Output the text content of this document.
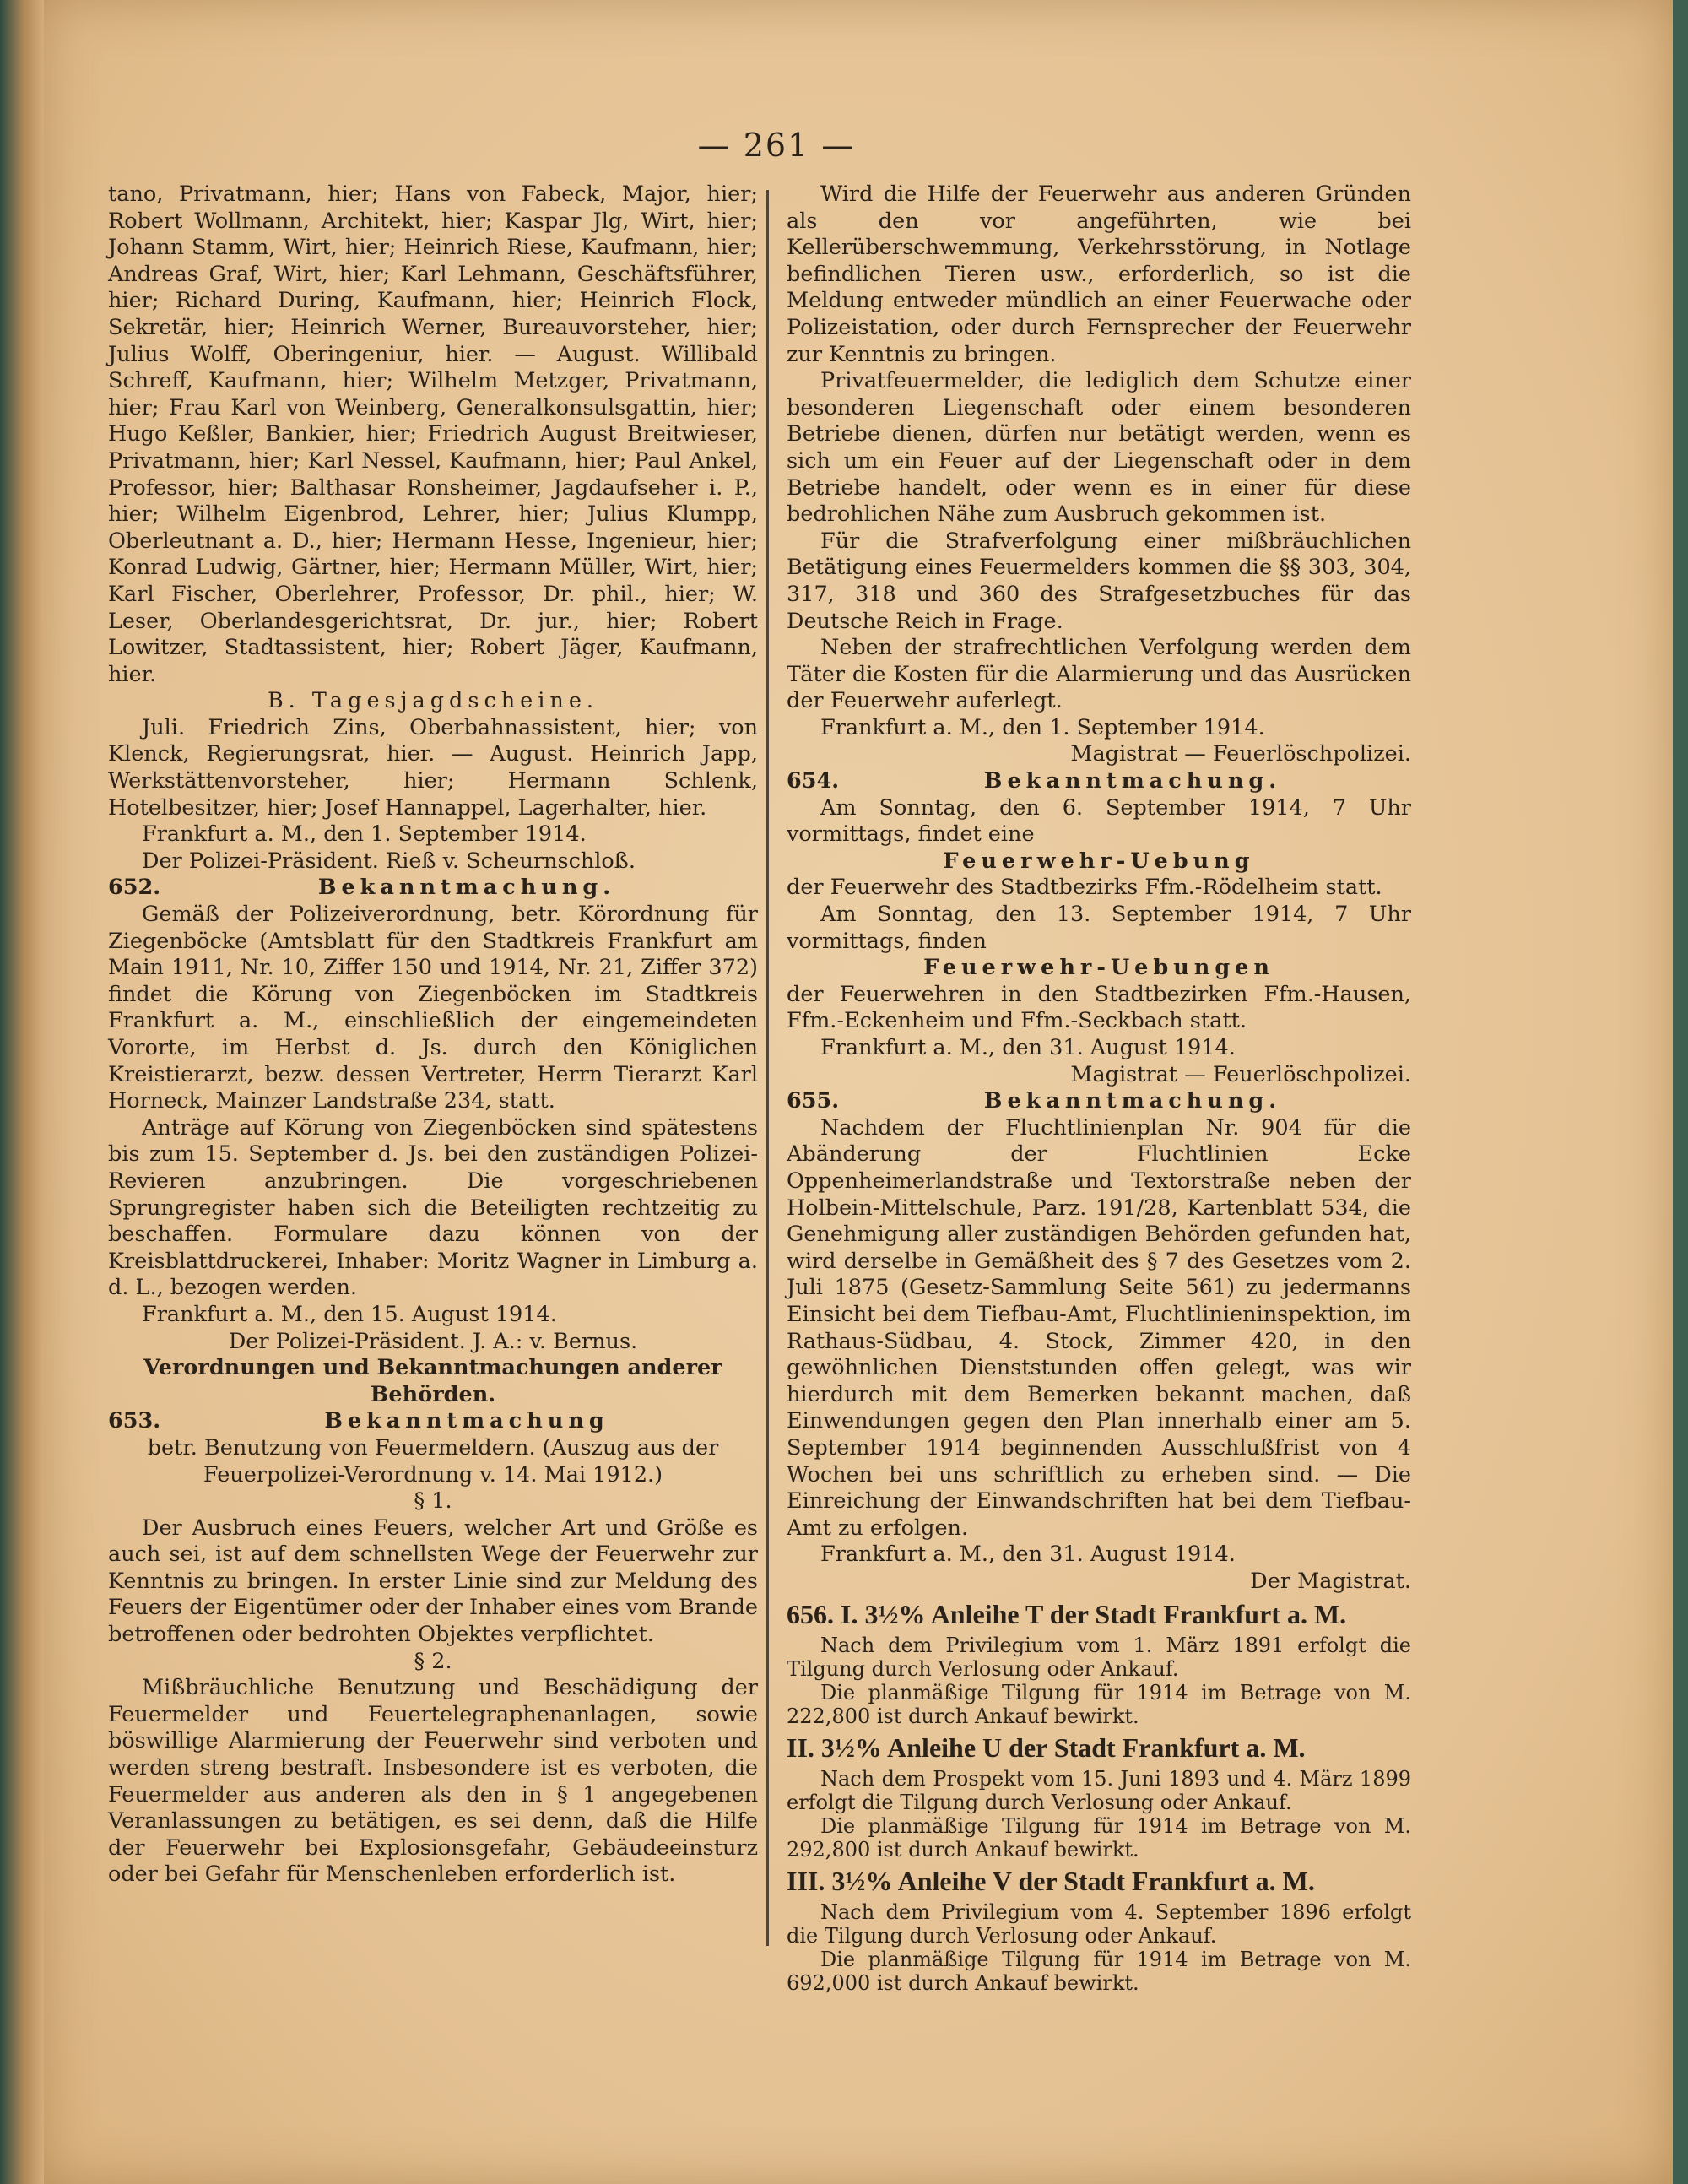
— 261 —

tano, Privatmann, hier; Hans von Fabeck, Major, hier; Robert Wollmann, Architekt, hier; Kaspar Jlg, Wirt, hier; Johann Stamm, Wirt, hier; Heinrich Riese, Kaufmann, hier; Andreas Graf, Wirt, hier; Karl Lehmann, Geschäftsführer, hier; Richard During, Kaufmann, hier; Heinrich Flock, Sekretär, hier; Heinrich Werner, Bureauvorsteher, hier; Julius Wolff, Oberingeniur, hier. — August. Willibald Schreff, Kaufmann, hier; Wilhelm Metzger, Privatmann, hier; Frau Karl von Weinberg, Generalkonsulsgattin, hier; Hugo Keßler, Bankier, hier; Friedrich August Breitwieser, Privatmann, hier; Karl Nessel, Kaufmann, hier; Paul Ankel, Professor, hier; Balthasar Ronsheimer, Jagdaufseher i. P., hier; Wilhelm Eigenbrod, Lehrer, hier; Julius Klumpp, Oberleutnant a. D., hier; Hermann Hesse, Ingenieur, hier; Konrad Ludwig, Gärtner, hier; Hermann Müller, Wirt, hier; Karl Fischer, Oberlehrer, Professor, Dr. phil., hier; W. Leser, Oberlandesgerichtsrat, Dr. jur., hier; Robert Lowitzer, Stadtassistent, hier; Robert Jäger, Kaufmann, hier.

B. Tagesjagdscheine.

Juli. Friedrich Zins, Oberbahnassistent, hier; von Klenck, Regierungsrat, hier. — August. Heinrich Japp, Werkstättenvorsteher, hier; Hermann Schlenk, Hotelbesitzer, hier; Josef Hannappel, Lagerhalter, hier.

Frankfurt a. M., den 1. September 1914.

Der Polizei-Präsident. Rieß v. Scheurnschloß.

652.	Bekanntmachung.

Gemäß der Polizeiverordnung, betr. Körordnung für Ziegenböcke (Amtsblatt für den Stadtkreis Frankfurt am Main 1911, Nr. 10, Ziffer 150 und 1914, Nr. 21, Ziffer 372) findet die Körung von Ziegenböcken im Stadtkreis Frankfurt a. M., einschließlich der eingemeindeten Vororte, im Herbst d. Js. durch den Königlichen Kreistierarzt, bezw. dessen Vertreter, Herrn Tierarzt Karl Horneck, Mainzer Landstraße 234, statt.

Anträge auf Körung von Ziegenböcken sind spätestens bis zum 15. September d. Js. bei den zuständigen Polizei-Revieren anzubringen. Die vorgeschriebenen Sprungregister haben sich die Beteiligten rechtzeitig zu beschaffen. Formulare dazu können von der Kreisblattdruckerei, Inhaber: Moritz Wagner in Limburg a. d. L., bezogen werden.

Frankfurt a. M., den 15. August 1914.

Der Polizei-Präsident. J. A.: v. Bernus.

Verordnungen und Bekanntmachungen anderer Behörden.

653.	Bekanntmachung

betr. Benutzung von Feuermeldern. (Auszug aus der Feuerpolizei-Verordnung v. 14. Mai 1912.)

§ 1.

Der Ausbruch eines Feuers, welcher Art und Größe es auch sei, ist auf dem schnellsten Wege der Feuerwehr zur Kenntnis zu bringen. In erster Linie sind zur Meldung des Feuers der Eigentümer oder der Inhaber eines vom Brande betroffenen oder bedrohten Objektes verpflichtet.

§ 2.

Mißbräuchliche Benutzung und Beschädigung der Feuermelder und Feuertelegraphenanlagen, sowie böswillige Alarmierung der Feuerwehr sind verboten und werden streng bestraft. Insbesondere ist es verboten, die Feuermelder aus anderen als den in § 1 angegebenen Veranlassungen zu betätigen, es sei denn, daß die Hilfe der Feuerwehr bei Explosionsgefahr, Gebäudeeinsturz oder bei Gefahr für Menschenleben erforderlich ist.

Wird die Hilfe der Feuerwehr aus anderen Gründen als den vor angeführten, wie bei Kellerüberschwemmung, Verkehrsstörung, in Notlage befindlichen Tieren usw., erforderlich, so ist die Meldung entweder mündlich an einer Feuerwache oder Polizeistation, oder durch Fernsprecher der Feuerwehr zur Kenntnis zu bringen.

Privatfeuermelder, die lediglich dem Schutze einer besonderen Liegenschaft oder einem besonderen Betriebe dienen, dürfen nur betätigt werden, wenn es sich um ein Feuer auf der Liegenschaft oder in dem Betriebe handelt, oder wenn es in einer für diese bedrohlichen Nähe zum Ausbruch gekommen ist.

Für die Strafverfolgung einer mißbräuchlichen Betätigung eines Feuermelders kommen die §§ 303, 304, 317, 318 und 360 des Strafgesetzbuches für das Deutsche Reich in Frage.

Neben der strafrechtlichen Verfolgung werden dem Täter die Kosten für die Alarmierung und das Ausrücken der Feuerwehr auferlegt.

Frankfurt a. M., den 1. September 1914.

Magistrat — Feuerlöschpolizei.

654.	Bekanntmachung.

Am Sonntag, den 6. September 1914, 7 Uhr vormittags, findet eine

Feuerwehr-Uebung

der Feuerwehr des Stadtbezirks Ffm.-Rödelheim statt.

Am Sonntag, den 13. September 1914, 7 Uhr vormittags, finden

Feuerwehr-Uebungen

der Feuerwehren in den Stadtbezirken Ffm.-Hausen, Ffm.-Eckenheim und Ffm.-Seckbach statt.

Frankfurt a. M., den 31. August 1914.

Magistrat — Feuerlöschpolizei.

655.	Bekanntmachung.

Nachdem der Fluchtlinienplan Nr. 904 für die Abänderung der Fluchtlinien Ecke Oppenheimerlandstraße und Textorstraße neben der Holbein-Mittelschule, Parz. 191/28, Kartenblatt 534, die Genehmigung aller zuständigen Behörden gefunden hat, wird derselbe in Gemäßheit des § 7 des Gesetzes vom 2. Juli 1875 (Gesetz-Sammlung Seite 561) zu jedermanns Einsicht bei dem Tiefbau-Amt, Fluchtlinieninspektion, im Rathaus-Südbau, 4. Stock, Zimmer 420, in den gewöhnlichen Dienststunden offen gelegt, was wir hierdurch mit dem Bemerken bekannt machen, daß Einwendungen gegen den Plan innerhalb einer am 5. September 1914 beginnenden Ausschlußfrist von 4 Wochen bei uns schriftlich zu erheben sind. — Die Einreichung der Einwandschriften hat bei dem Tiefbau-Amt zu erfolgen.

Frankfurt a. M., den 31. August 1914.

Der Magistrat.

656. I. 3½% Anleihe T der Stadt Frankfurt a. M.

Nach dem Privilegium vom 1. März 1891 erfolgt die Tilgung durch Verlosung oder Ankauf.

Die planmäßige Tilgung für 1914 im Betrage von M. 222,800 ist durch Ankauf bewirkt.

II. 3½% Anleihe U der Stadt Frankfurt a. M.

Nach dem Prospekt vom 15. Juni 1893 und 4. März 1899 erfolgt die Tilgung durch Verlosung oder Ankauf.

Die planmäßige Tilgung für 1914 im Betrage von M. 292,800 ist durch Ankauf bewirkt.

III. 3½% Anleihe V der Stadt Frankfurt a. M.

Nach dem Privilegium vom 4. September 1896 erfolgt die Tilgung durch Verlosung oder Ankauf.

Die planmäßige Tilgung für 1914 im Betrage von M. 692,000 ist durch Ankauf bewirkt.
